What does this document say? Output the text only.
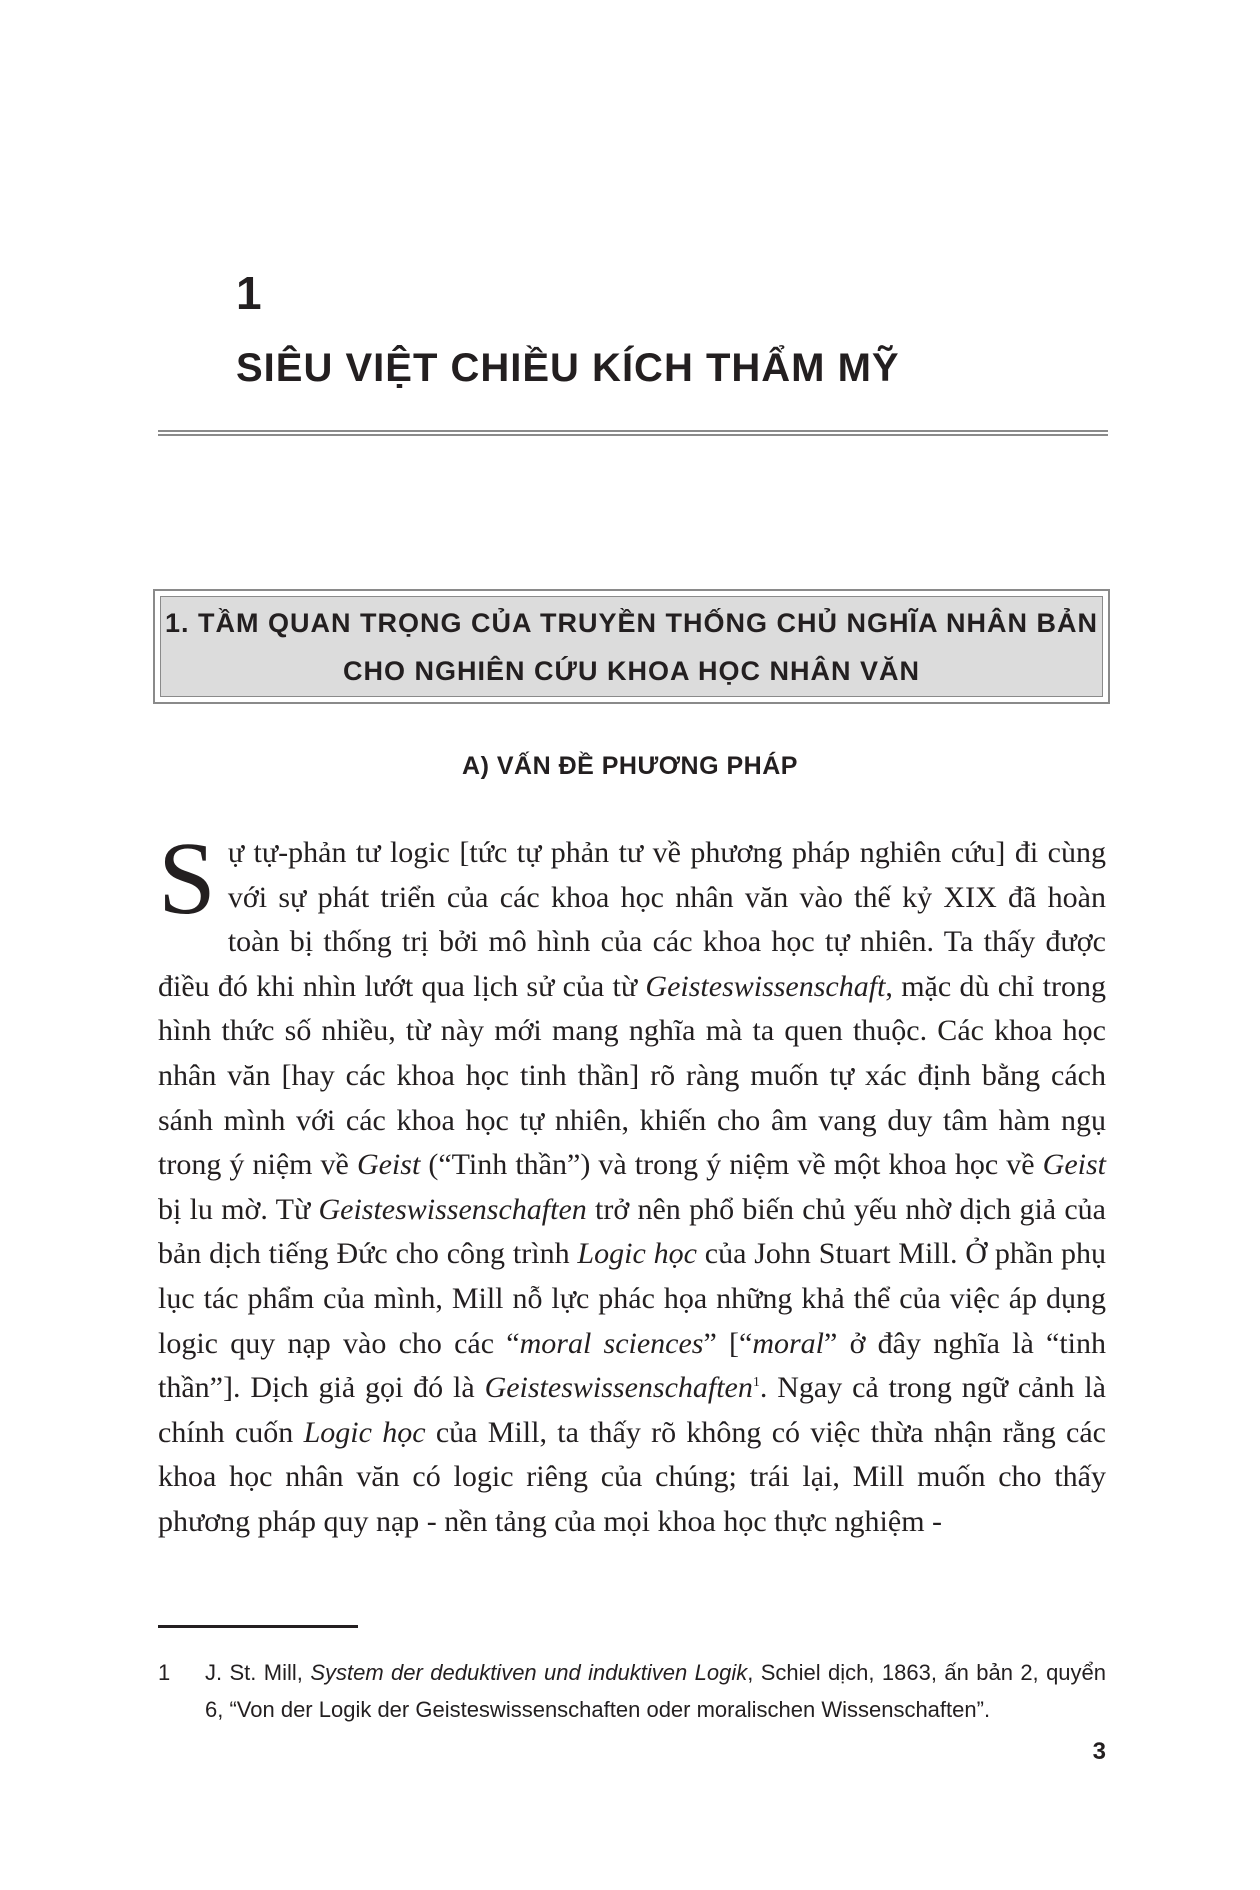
1
SIÊU VIỆT CHIỀU KÍCH THẨM MỸ
1. TẦM QUAN TRỌNG CỦA TRUYỀN THỐNG CHỦ NGHĨA NHÂN BẢN
CHO NGHIÊN CỨU KHOA HỌC NHÂN VĂN
A) VẤN ĐỀ PHƯƠNG PHÁP

Sự tự-phản tư logic [tức tự phản tư về phương pháp nghiên cứu] đi cùng với sự phát triển của các khoa học nhân văn vào thế kỷ XIX đã hoàn toàn bị thống trị bởi mô hình của các khoa học tự nhiên. Ta thấy được điều đó khi nhìn lướt qua lịch sử của từ Geisteswissenschaft, mặc dù chỉ trong hình thức số nhiều, từ này mới mang nghĩa mà ta quen thuộc. Các khoa học nhân văn [hay các khoa học tinh thần] rõ ràng muốn tự xác định bằng cách sánh mình với các khoa học tự nhiên, khiến cho âm vang duy tâm hàm ngụ trong ý niệm về Geist (“Tinh thần”) và trong ý niệm về một khoa học về Geist bị lu mờ. Từ Geisteswissenschaften trở nên phổ biến chủ yếu nhờ dịch giả của bản dịch tiếng Đức cho công trình Logic học của John Stuart Mill. Ở phần phụ lục tác phẩm của mình, Mill nỗ lực phác họa những khả thể của việc áp dụng logic quy nạp vào cho các “moral sciences” [“moral” ở đây nghĩa là “tinh thần”]. Dịch giả gọi đó là Geisteswissenschaften$^1$. Ngay cả trong ngữ cảnh là chính cuốn Logic học của Mill, ta thấy rõ không có việc thừa nhận rằng các khoa học nhân văn có logic riêng của chúng; trái lại, Mill muốn cho thấy phương pháp quy nạp - nền tảng của mọi khoa học thực nghiệm -

1 J. St. Mill, System der deduktiven und induktiven Logik, Schiel dịch, 1863, ấn bản 2, quyển 6, “Von der Logik der Geisteswissenschaften oder moralischen Wissenschaften”.
3
